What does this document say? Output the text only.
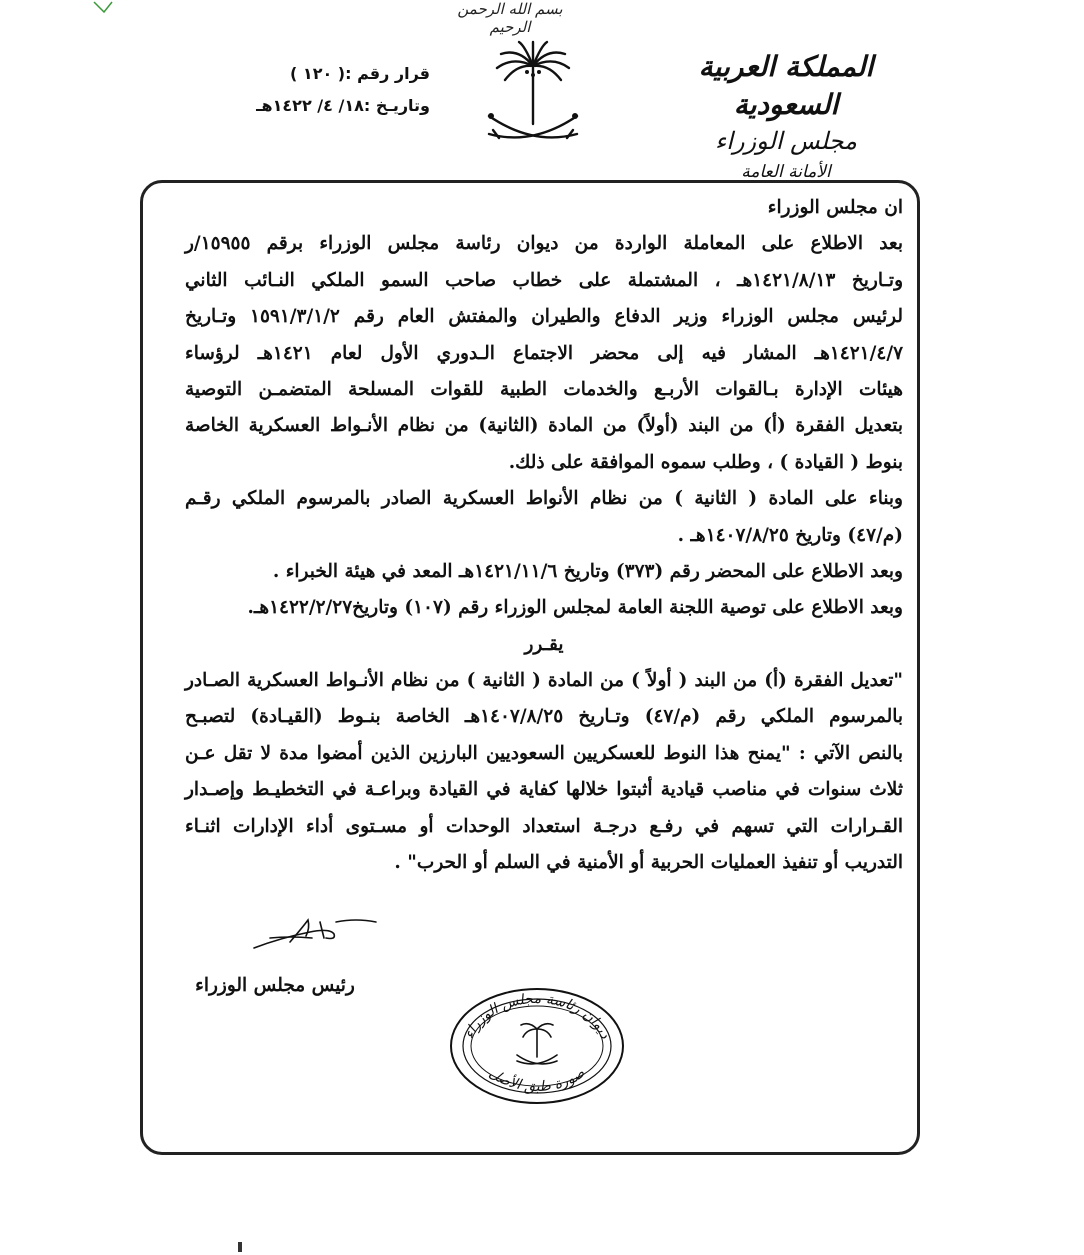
بسم الله الرحمن الرحيم
المملكة العربية السعودية
مجلس الوزراء
الأمانة العامة
قرار رقم :( ١٢٠ )
وتاريـخ :١٨/ ٤/ ١٤٢٢هـ
ان مجلس الوزراء
بعد الاطلاع على المعاملة الواردة من ديوان رئاسة مجلس الوزراء برقم ١٥٩٥٥/ر
وتـاريخ ١٤٢١/٨/١٣هـ ، المشتملة على خطاب صاحب السمو الملكي النـائب الثاني
لرئيس مجلس الوزراء وزير الدفاع والطيران والمفتش العام رقم ١٥٩١/٣/١/٢ وتـاريخ
١٤٢١/٤/٧هـ المشار فيه إلى محضر الاجتماع الـدوري الأول لعام ١٤٢١هـ لرؤساء
هيئات الإدارة بـالقوات الأربـع والخدمات الطبية للقوات المسلحة المتضمـن التوصية
بتعديل الفقرة (أ) من البند (أولاً) من المادة (الثانية) من نظام الأنـواط العسكرية الخاصة
بنوط ( القيادة ) ، وطلب سموه الموافقة على ذلك.
وبناء على المادة ( الثانية ) من نظام الأنواط العسكرية الصادر بالمرسوم الملكي رقـم
(م/٤٧) وتاريخ ١٤٠٧/٨/٢٥هـ .
وبعد الاطلاع على المحضر رقم (٣٧٣) وتاريخ ١٤٢١/١١/٦هـ المعد في هيئة الخبراء .
وبعد الاطلاع على توصية اللجنة العامة لمجلس الوزراء رقم (١٠٧) وتاريخ١٤٢٢/٢/٢٧هـ.
يقـرر
"تعديل الفقرة (أ) من البند ( أولاً ) من المادة ( الثانية ) من نظام الأنـواط العسكرية الصـادر
بالمرسوم الملكي رقم (م/٤٧) وتـاريخ ١٤٠٧/٨/٢٥هـ الخاصة بنـوط (القيـادة) لتصبـح
بالنص الآتي : "يمنح هذا النوط للعسكريين السعوديين البارزين الذين أمضوا مدة لا تقل عـن
ثلاث سنوات في مناصب قيادية أثبتوا خلالها كفاية في القيادة وبراعـة في التخطيـط وإصـدار
القـرارات التي تسهم في رفـع درجـة استعداد الوحدات أو مسـتوى أداء الإدارات اثنـاء
التدريب أو تنفيذ العمليات الحربية أو الأمنية في السلم أو الحرب" .
رئيس مجلس الوزراء
ديوان رئاسة مجلس الوزراء
صورة طبق الأصل
